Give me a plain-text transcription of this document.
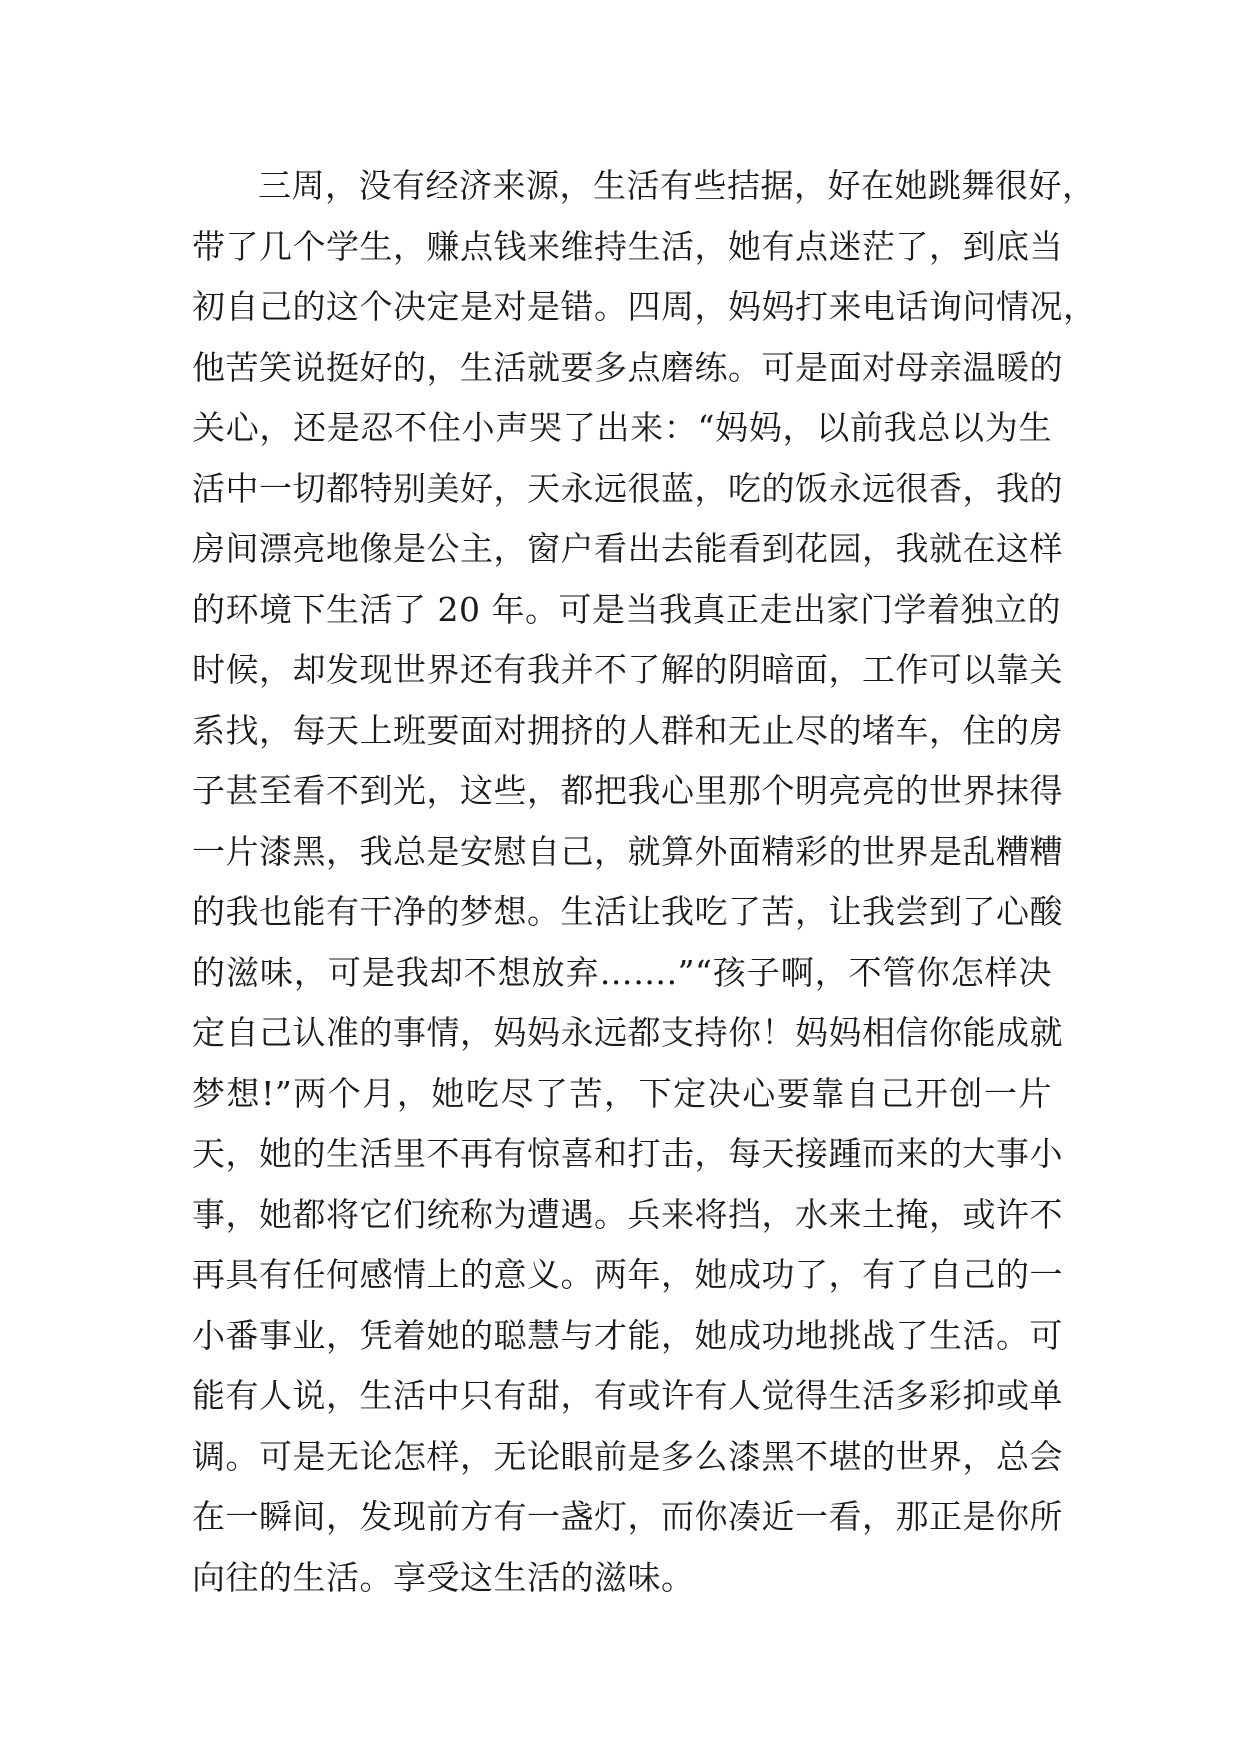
三周，没有经济来源，生活有些拮据，好在她跳舞很好，
带了几个学生，赚点钱来维持生活，她有点迷茫了，到底当
初自己的这个决定是对是错。四周，妈妈打来电话询问情况，
他苦笑说挺好的，生活就要多点磨练。可是面对母亲温暖的
关心，还是忍不住小声哭了出来：“妈妈，以前我总以为生
活中一切都特别美好，天永远很蓝，吃的饭永远很香，我的
房间漂亮地像是公主，窗户看出去能看到花园，我就在这样
的环境下生活了 20 年。可是当我真正走出家门学着独立的
时候，却发现世界还有我并不了解的阴暗面，工作可以靠关
系找，每天上班要面对拥挤的人群和无止尽的堵车，住的房
子甚至看不到光，这些，都把我心里那个明亮亮的世界抹得
一片漆黑，我总是安慰自己，就算外面精彩的世界是乱糟糟
的我也能有干净的梦想。生活让我吃了苦，让我尝到了心酸
的滋味，可是我却不想放弃…….”“孩子啊，不管你怎样决
定自己认准的事情，妈妈永远都支持你！妈妈相信你能成就
梦想!”两个月，她吃尽了苦，下定决心要靠自己开创一片
天，她的生活里不再有惊喜和打击，每天接踵而来的大事小
事，她都将它们统称为遭遇。兵来将挡，水来土掩，或许不
再具有任何感情上的意义。两年，她成功了，有了自己的一
小番事业，凭着她的聪慧与才能，她成功地挑战了生活。可
能有人说，生活中只有甜，有或许有人觉得生活多彩抑或单
调。可是无论怎样，无论眼前是多么漆黑不堪的世界，总会
在一瞬间，发现前方有一盏灯，而你凑近一看，那正是你所
向往的生活。享受这生活的滋味。
